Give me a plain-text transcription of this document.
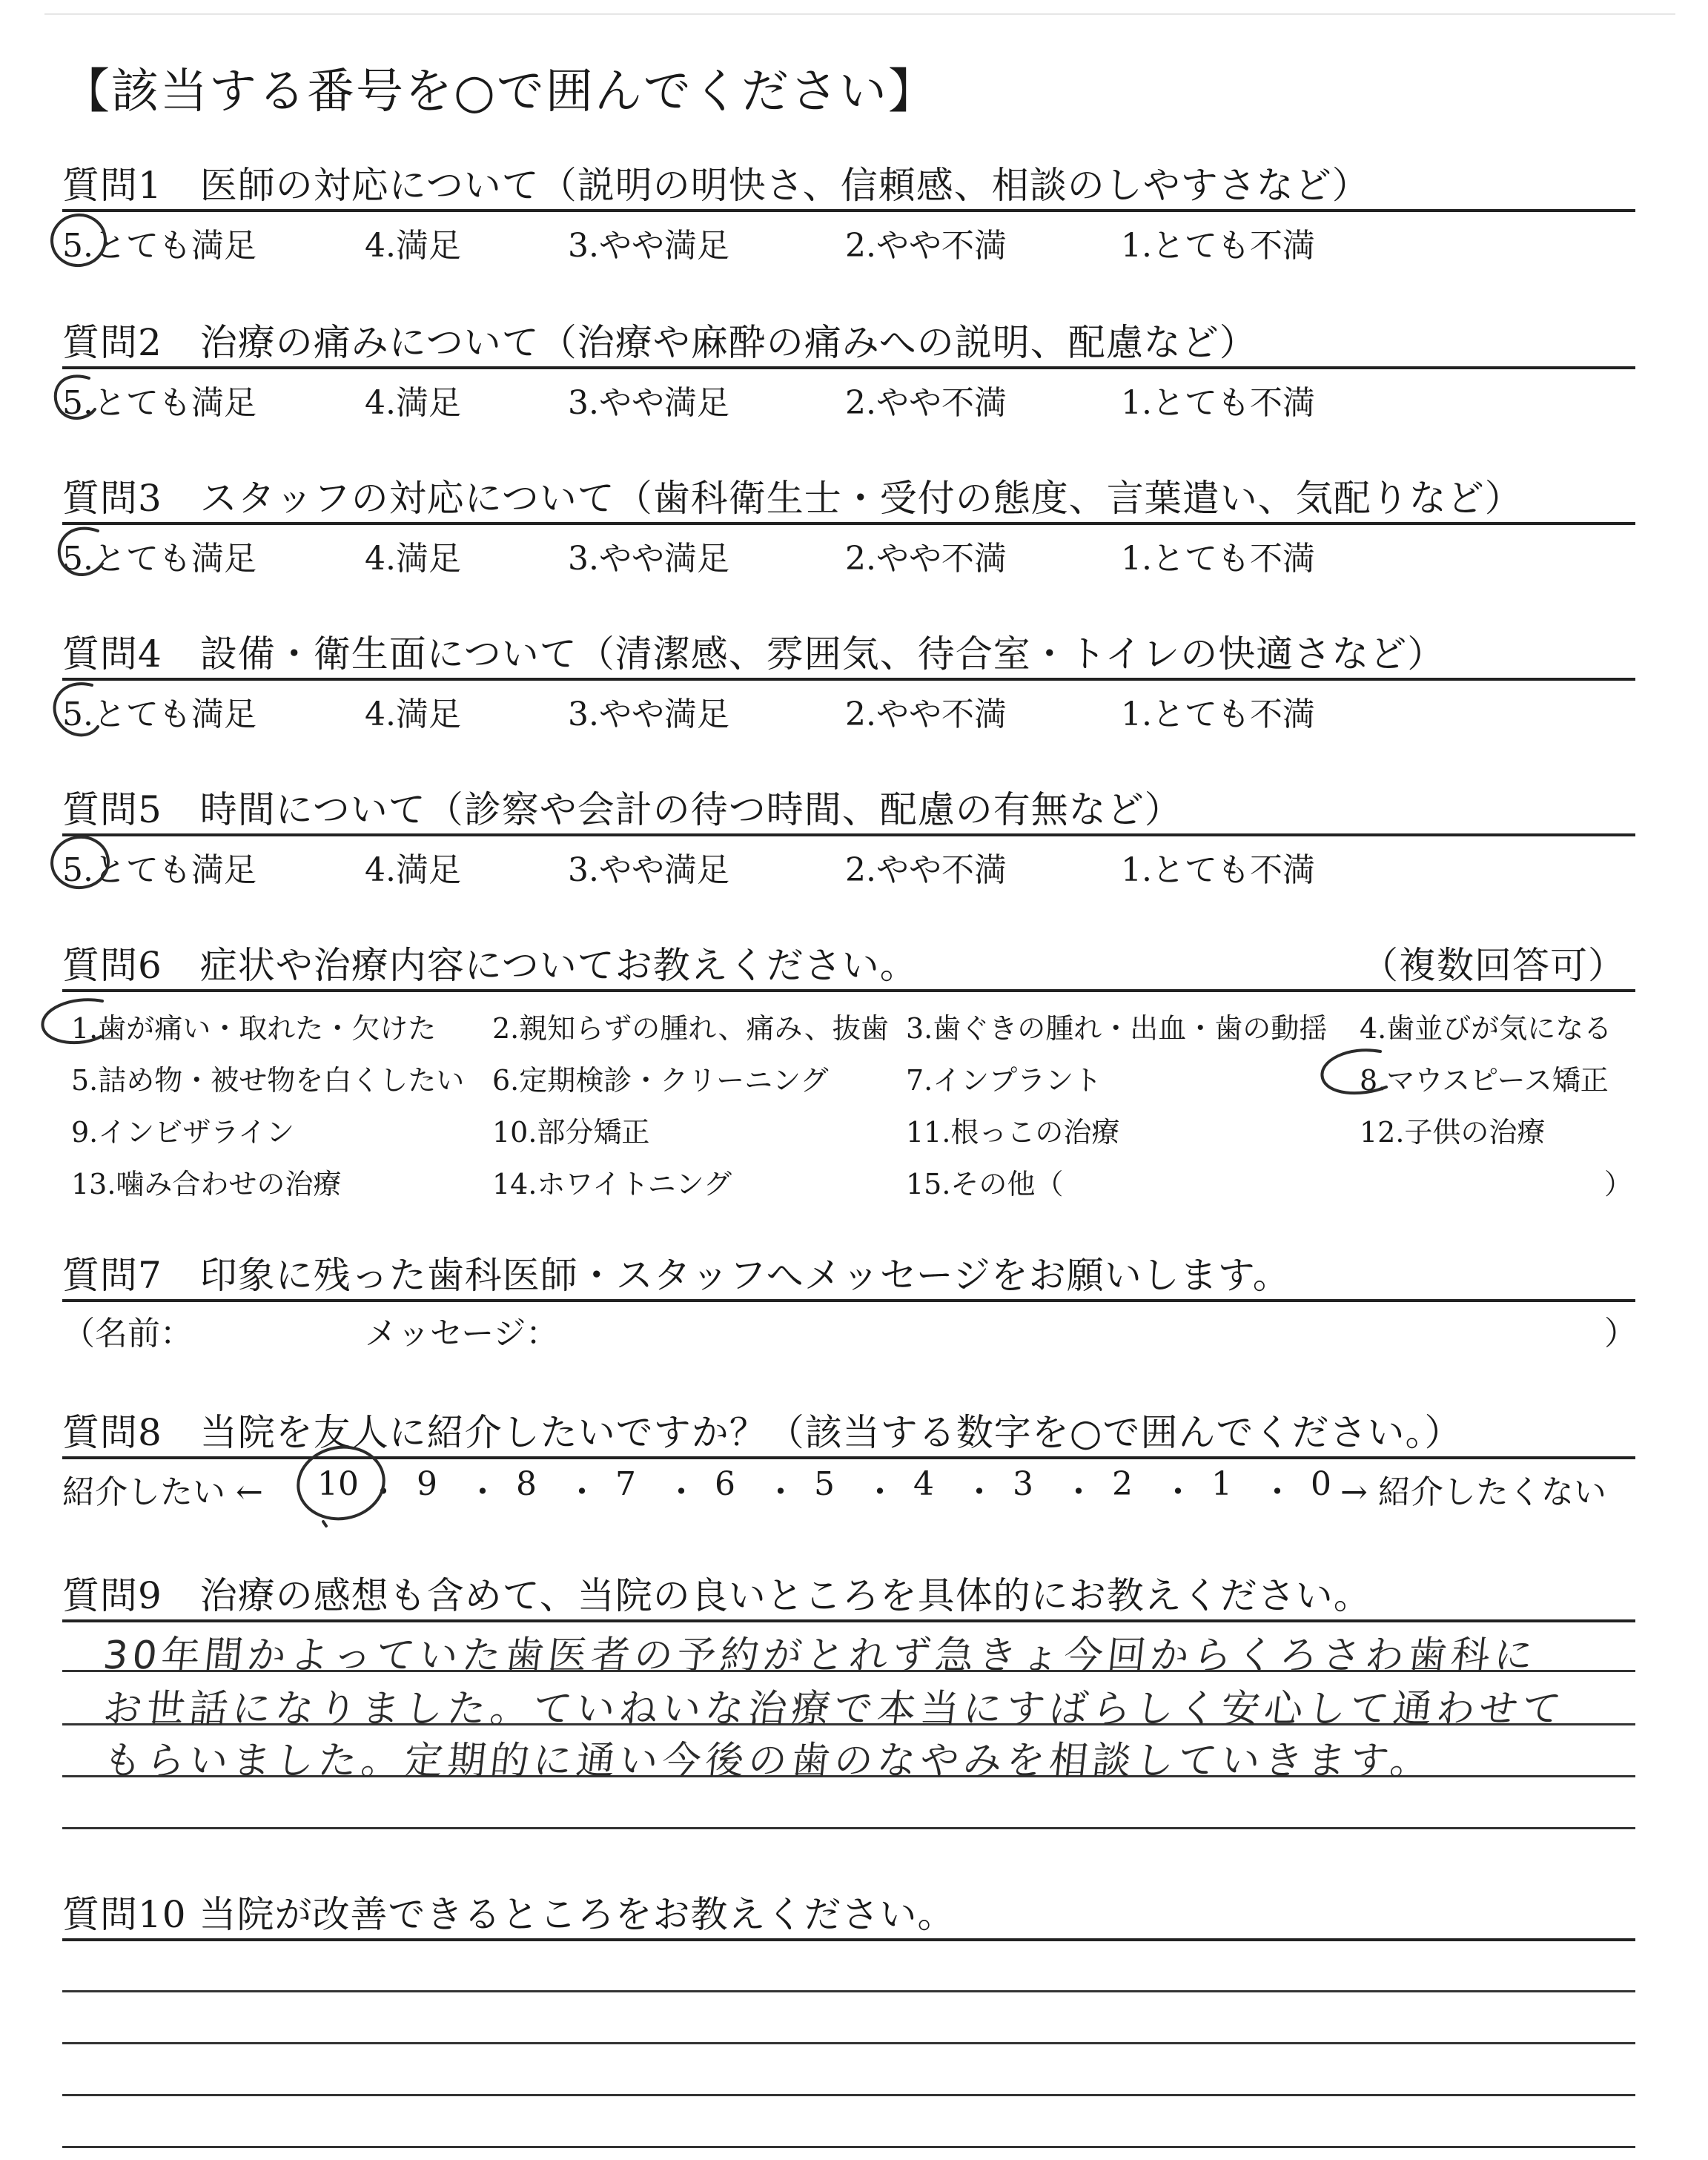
【該当する番号を○で囲んでください】
質問1　医師の対応について（説明の明快さ、信頼感、相談のしやすさなど）
5.とても満足	4.満足	3.やや満足	2.やや不満	1.とても不満
質問2　治療の痛みについて（治療や麻酔の痛みへの説明、配慮など）
5.とても満足	4.満足	3.やや満足	2.やや不満	1.とても不満
質問3　スタッフの対応について（歯科衛生士・受付の態度、言葉遣い、気配りなど）
5.とても満足	4.満足	3.やや満足	2.やや不満	1.とても不満
質問4　設備・衛生面について（清潔感、雰囲気、待合室・トイレの快適さなど）
5.とても満足	4.満足	3.やや満足	2.やや不満	1.とても不満
質問5　時間について（診察や会計の待つ時間、配慮の有無など）
5.とても満足	4.満足	3.やや満足	2.やや不満	1.とても不満
質問6　症状や治療内容についてお教えください。	（複数回答可）
1.歯が痛い・取れた・欠けた 2.親知らずの腫れ、痛み、抜歯 3.歯ぐきの腫れ・出血・歯の動揺 4.歯並びが気になる
5.詰め物・被せ物を白くしたい 6.定期検診・クリーニング	7.インプラント	8.マウスピース矯正
9.インビザライン	10.部分矯正	11.根っこの治療	12.子供の治療
13.噛み合わせの治療	14.ホワイトニング	15.その他（	）
質問7　印象に残った歯科医師・スタッフへメッセージをお願いします。
（名前：	メッセージ：	）
質問8　当院を友人に紹介したいですか？（該当する数字を○で囲んでください。）
紹介したい ← 10 ・ 9 ・ 8 ・ 7 ・ 6 ・ 5 ・ 4 ・ 3 ・ 2 ・ 1 ・ 0 → 紹介したくない
質問9　治療の感想も含めて、当院の良いところを具体的にお教えください。
30年間かよっていた歯医者の予約がとれず急きょ今回からくろさわ歯科に
お世話になりました。ていねいな治療で本当にすばらしく安心して通わせて
もらいました。定期的に通い今後の歯のなやみを相談していきます。
質問10 当院が改善できるところをお教えください。
